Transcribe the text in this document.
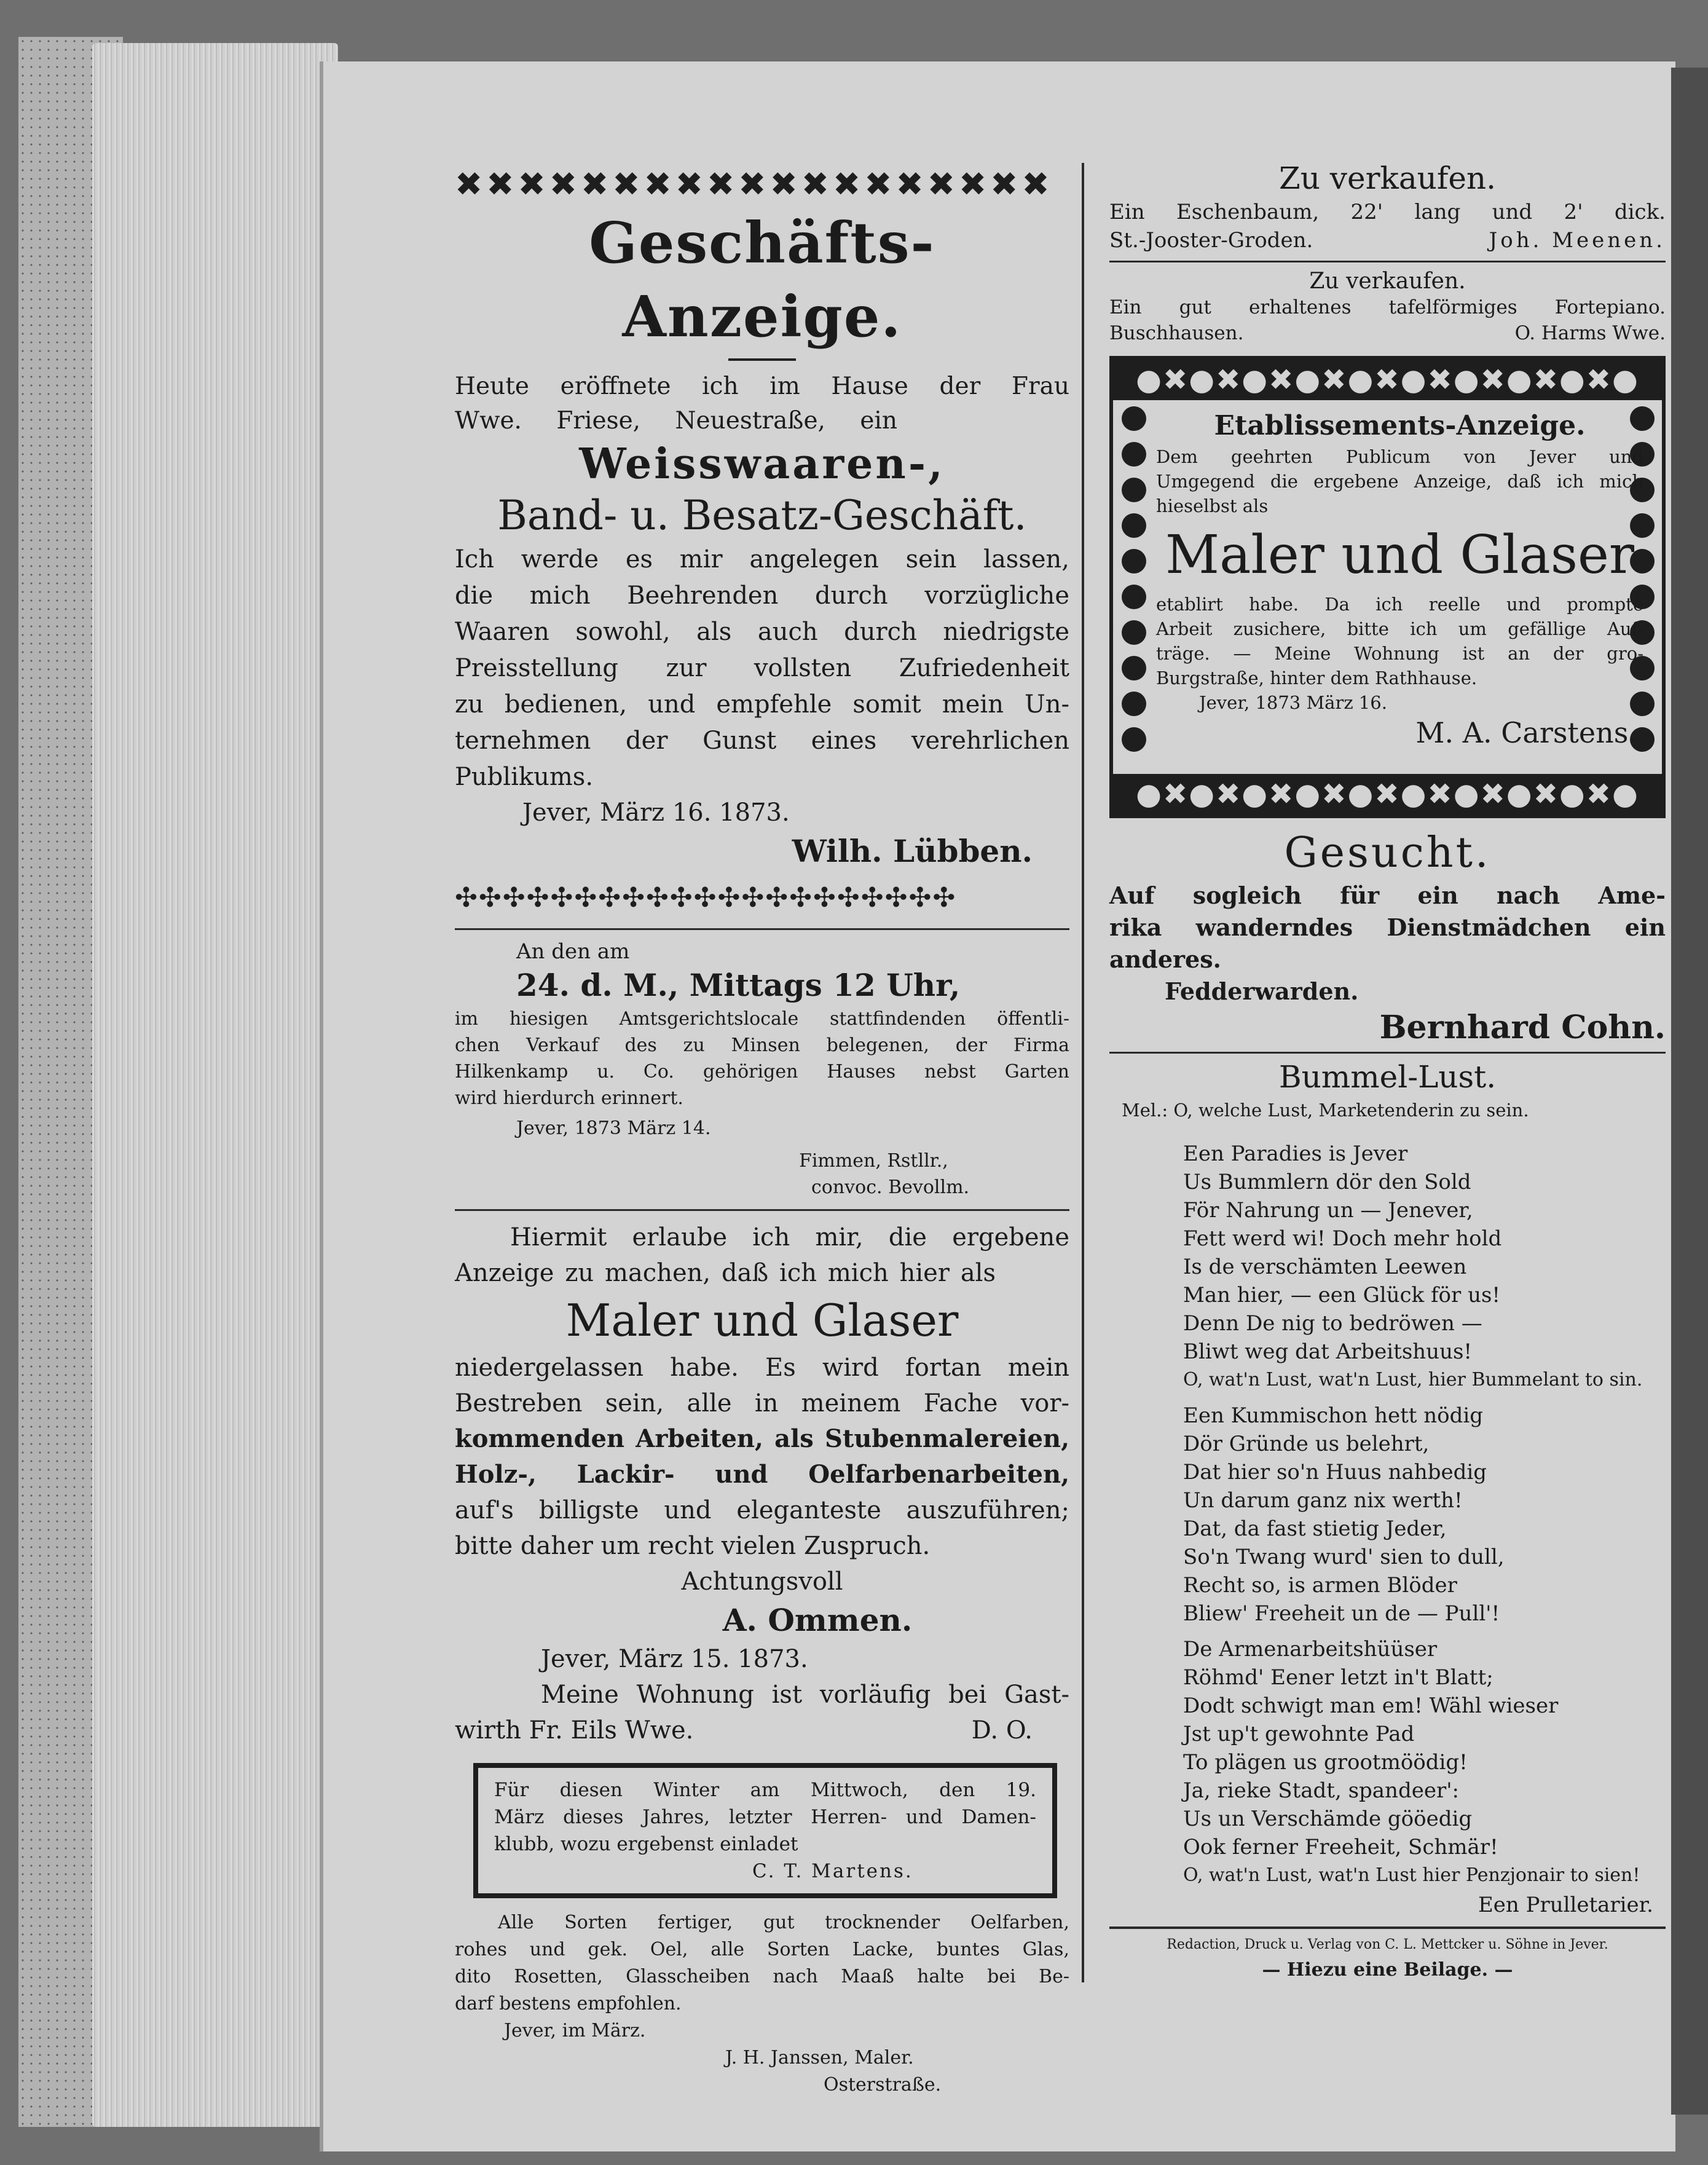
✖✖✖✖✖✖✖✖✖✖✖✖✖✖✖✖✖✖✖

Geschäfts-Anzeige.

Heute eröffnete ich im Hause der Frau

Wwe. Friese, Neuestraße, ein

Weisswaaren-,

Band- u. Besatz-Geschäft.

Ich werde es mir angelegen sein lassen,

die mich Beehrenden durch vorzügliche

Waaren sowohl, als auch durch niedrigste

Preisstellung zur vollsten Zufriedenheit

zu bedienen, und empfehle somit mein Un-

ternehmen der Gunst eines verehrlichen

Publikums.

Jever, März 16. 1873.

Wilh. Lübben.

✣✣✣✣✣✣✣✣✣✣✣✣✣✣✣✣✣✣✣✣✣

An den am

24. d. M., Mittags 12 Uhr,

im hiesigen Amtsgerichtslocale stattfindenden öffentli-

chen Verkauf des zu Minsen belegenen, der Firma

Hilkenkamp u. Co. gehörigen Hauses nebst Garten

wird hierdurch erinnert.

Jever, 1873 März 14.

Fimmen, Rstllr.,

convoc. Bevollm.

Hiermit erlaube ich mir, die ergebene

Anzeige zu machen, daß ich mich hier als

Maler und Glaser

niedergelassen habe. Es wird fortan mein

Bestreben sein, alle in meinem Fache vor-

kommenden Arbeiten, als Stubenmalereien,

Holz-, Lackir- und Oelfarbenarbeiten,

auf's billigste und eleganteste auszuführen;

bitte daher um recht vielen Zuspruch.

Achtungsvoll

A. Ommen.

Jever, März 15. 1873.

Meine Wohnung ist vorläufig bei Gast-

wirth Fr. Eils Wwe.	D. O.

Für diesen Winter am Mittwoch, den 19.

März dieses Jahres, letzter Herren- und Damen-

klubb, wozu ergebenst einladet

C. T. Martens.

Alle Sorten fertiger, gut trocknender Oelfarben,

rohes und gek. Oel, alle Sorten Lacke, buntes Glas,

dito Rosetten, Glasscheiben nach Maaß halte bei Be-

darf bestens empfohlen.

Jever, im März.

J. H. Janssen, Maler.

Osterstraße.

Zu verkaufen.

Ein Eschenbaum, 22' lang und 2' dick.

St.-Jooster-Groden.	Joh. Meenen.

Zu verkaufen.

Ein gut erhaltenes tafelförmiges Fortepiano.

Buschhausen.	O. Harms Wwe.
●✖●✖●✖●✖●✖●✖●✖●✖●✖●

Etablissements-Anzeige.

Dem geehrten Publicum von Jever und

Umgegend die ergebene Anzeige, daß ich mich

hieselbst als

Maler und Glaser

etablirt habe. Da ich reelle und prompte

Arbeit zusichere, bitte ich um gefällige Auf-

träge. — Meine Wohnung ist an der gro-

Burgstraße, hinter dem Rathhause.

Jever, 1873 März 16.

M. A. Carstens.

●✖●✖●✖●✖●✖●✖●✖●✖●✖●

Gesucht.

Auf sogleich für ein nach Ame-

rika wanderndes Dienstmädchen ein

anderes.

Fedderwarden.

Bernhard Cohn.

Bummel-Lust.

Mel.: O, welche Lust, Marketenderin zu sein.

Een Paradies is Jever

Us Bummlern dör den Sold

För Nahrung un — Jenever,

Fett werd wi! Doch mehr hold

Is de verschämten Leewen

Man hier, — een Glück för us!

Denn De nig to bedröwen —

Bliwt weg dat Arbeitshuus!

O, wat'n Lust, wat'n Lust, hier Bummelant to sin.

Een Kummischon hett nödig

Dör Gründe us belehrt,

Dat hier so'n Huus nahbedig

Un darum ganz nix werth!

Dat, da fast stietig Jeder,

So'n Twang wurd' sien to dull,

Recht so, is armen Blöder

Bliew' Freeheit un de — Pull'!

De Armenarbeitshüüser

Röhmd' Eener letzt in't Blatt;

Dodt schwigt man em! Wähl wieser

Jst up't gewohnte Pad

To plägen us grootmöödig!

Ja, rieke Stadt, spandeer':

Us un Verschämde gööedig

Ook ferner Freeheit, Schmär!

O, wat'n Lust, wat'n Lust hier Penzjonair to sien!

Een Prulletarier.

Redaction, Druck u. Verlag von C. L. Mettcker u. Söhne in Jever.

— Hiezu eine Beilage. —
